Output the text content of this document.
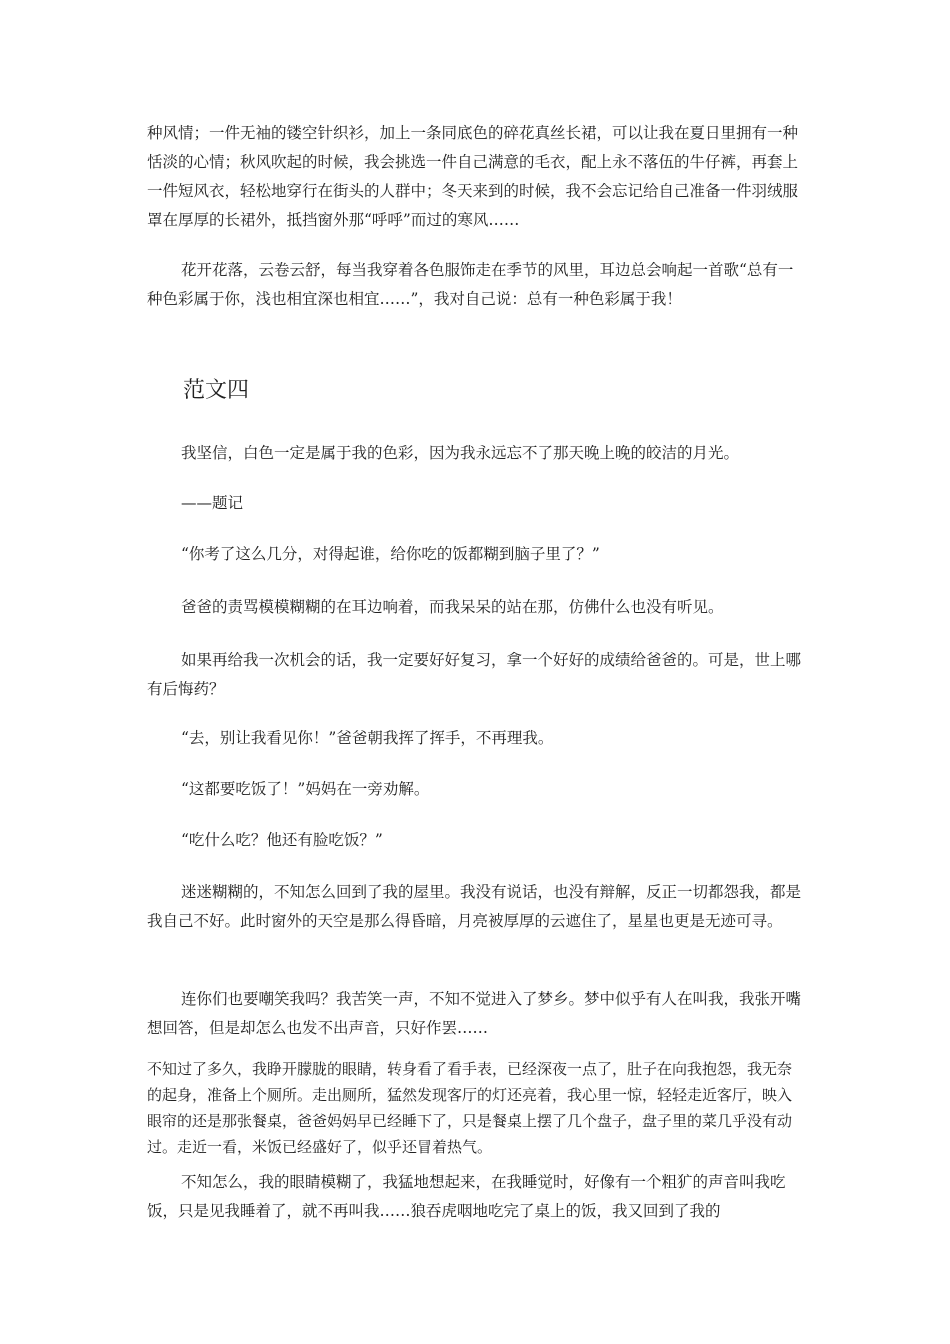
种风情；一件无袖的镂空针织衫，加上一条同底色的碎花真丝长裙，可以让我在夏日里拥有一种恬淡的心情；秋风吹起的时候，我会挑选一件自己满意的毛衣，配上永不落伍的牛仔裤，再套上一件短风衣，轻松地穿行在街头的人群中；冬天来到的时候，我不会忘记给自己准备一件羽绒服罩在厚厚的长裙外，抵挡窗外那“呼呼”而过的寒风……

花开花落，云卷云舒，每当我穿着各色服饰走在季节的风里，耳边总会响起一首歌“总有一种色彩属于你，浅也相宜深也相宜……”，我对自己说：总有一种色彩属于我！

范文四

我坚信，白色一定是属于我的色彩，因为我永远忘不了那天晚上晚的皎洁的月光。

——题记

“你考了这么几分，对得起谁，给你吃的饭都糊到脑子里了？”

爸爸的责骂模模糊糊的在耳边响着，而我呆呆的站在那，仿佛什么也没有听见。

如果再给我一次机会的话，我一定要好好复习，拿一个好好的成绩给爸爸的。可是，世上哪有后悔药？

“去，别让我看见你！”爸爸朝我挥了挥手，不再理我。

“这都要吃饭了！”妈妈在一旁劝解。

“吃什么吃？他还有脸吃饭？”

迷迷糊糊的，不知怎么回到了我的屋里。我没有说话，也没有辩解，反正一切都怨我，都是我自己不好。此时窗外的天空是那么得昏暗，月亮被厚厚的云遮住了，星星也更是无迹可寻。

连你们也要嘲笑我吗？我苦笑一声，不知不觉进入了梦乡。梦中似乎有人在叫我，我张开嘴想回答，但是却怎么也发不出声音，只好作罢……

不知过了多久，我睁开朦胧的眼睛，转身看了看手表，已经深夜一点了，肚子在向我抱怨，我无奈的起身，准备上个厕所。走出厕所，猛然发现客厅的灯还亮着，我心里一惊，轻轻走近客厅，映入眼帘的还是那张餐桌，爸爸妈妈早已经睡下了，只是餐桌上摆了几个盘子，盘子里的菜几乎没有动过。走近一看，米饭已经盛好了，似乎还冒着热气。

不知怎么，我的眼睛模糊了，我猛地想起来，在我睡觉时，好像有一个粗犷的声音叫我吃饭，只是见我睡着了，就不再叫我……狼吞虎咽地吃完了桌上的饭，我又回到了我的
